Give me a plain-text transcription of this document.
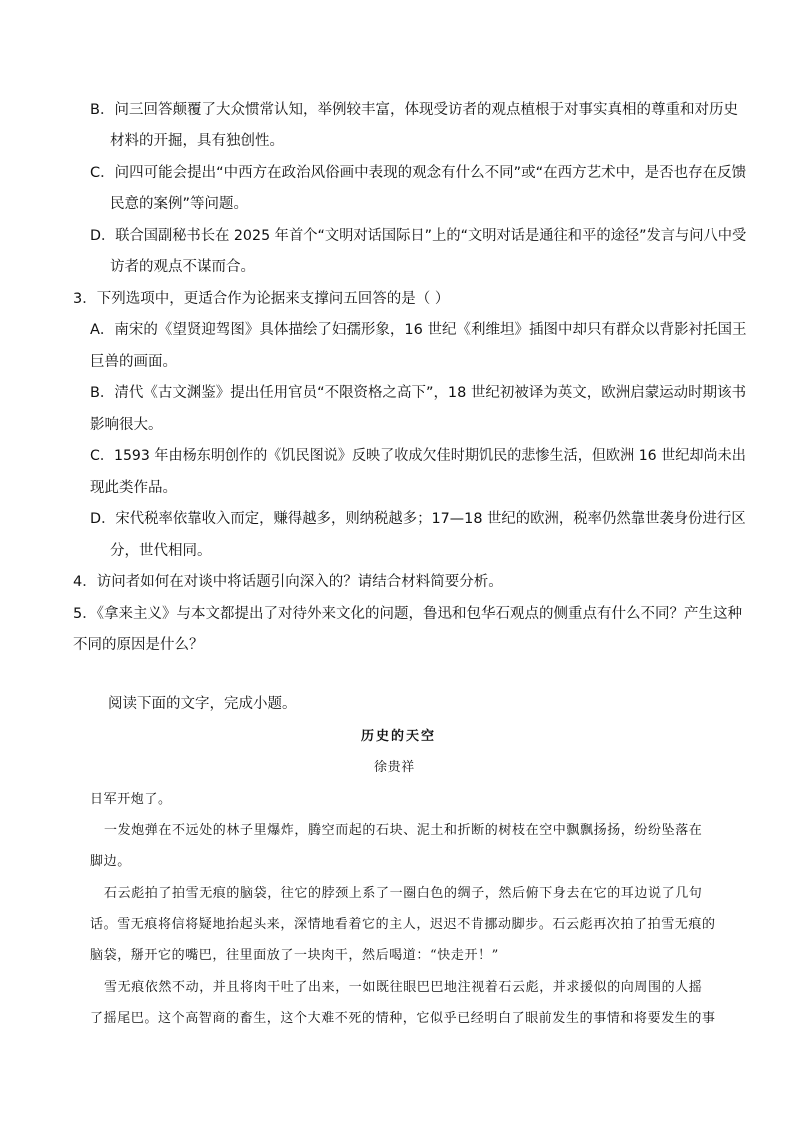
B．问三回答颠覆了大众惯常认知，举例较丰富，体现受访者的观点植根于对事实真相的尊重和对历史
材料的开掘，具有独创性。
C．问四可能会提出“中西方在政治风俗画中表现的观念有什么不同”或“在西方艺术中，是否也存在反馈
民意的案例”等问题。
D．联合国副秘书长在 2025 年首个“文明对话国际日”上的“文明对话是通往和平的途径”发言与问八中受
访者的观点不谋而合。
3．下列选项中，更适合作为论据来支撑问五回答的是（ ）
A．南宋的《望贤迎驾图》具体描绘了妇孺形象，16 世纪《利维坦》插图中却只有群众以背影衬托国王
巨兽的画面。
B．清代《古文渊鉴》提出任用官员“不限资格之高下”，18 世纪初被译为英文，欧洲启蒙运动时期该书
影响很大。
C．1593 年由杨东明创作的《饥民图说》反映了收成欠佳时期饥民的悲惨生活，但欧洲 16 世纪却尚未出
现此类作品。
D．宋代税率依靠收入而定，赚得越多，则纳税越多；17—18 世纪的欧洲，税率仍然靠世袭身份进行区
分，世代相同。
4．访问者如何在对谈中将话题引向深入的？请结合材料简要分析。
5．《拿来主义》与本文都提出了对待外来文化的问题，鲁迅和包华石观点的侧重点有什么不同？产生这种
不同的原因是什么？
阅读下面的文字，完成小题。
历史的天空
徐贵祥
日军开炮了。
一发炮弹在不远处的林子里爆炸，腾空而起的石块、泥土和折断的树枝在空中飘飘扬扬，纷纷坠落在
脚边。
石云彪拍了拍雪无痕的脑袋，往它的脖颈上系了一圈白色的绸子，然后俯下身去在它的耳边说了几句
话。雪无痕将信将疑地抬起头来，深情地看着它的主人，迟迟不肯挪动脚步。石云彪再次拍了拍雪无痕的
脑袋，掰开它的嘴巴，往里面放了一块肉干，然后喝道：“快走开！”
雪无痕依然不动，并且将肉干吐了出来，一如既往眼巴巴地注视着石云彪，并求援似的向周围的人摇
了摇尾巴。这个高智商的畜生，这个大难不死的情种，它似乎已经明白了眼前发生的事情和将要发生的事
